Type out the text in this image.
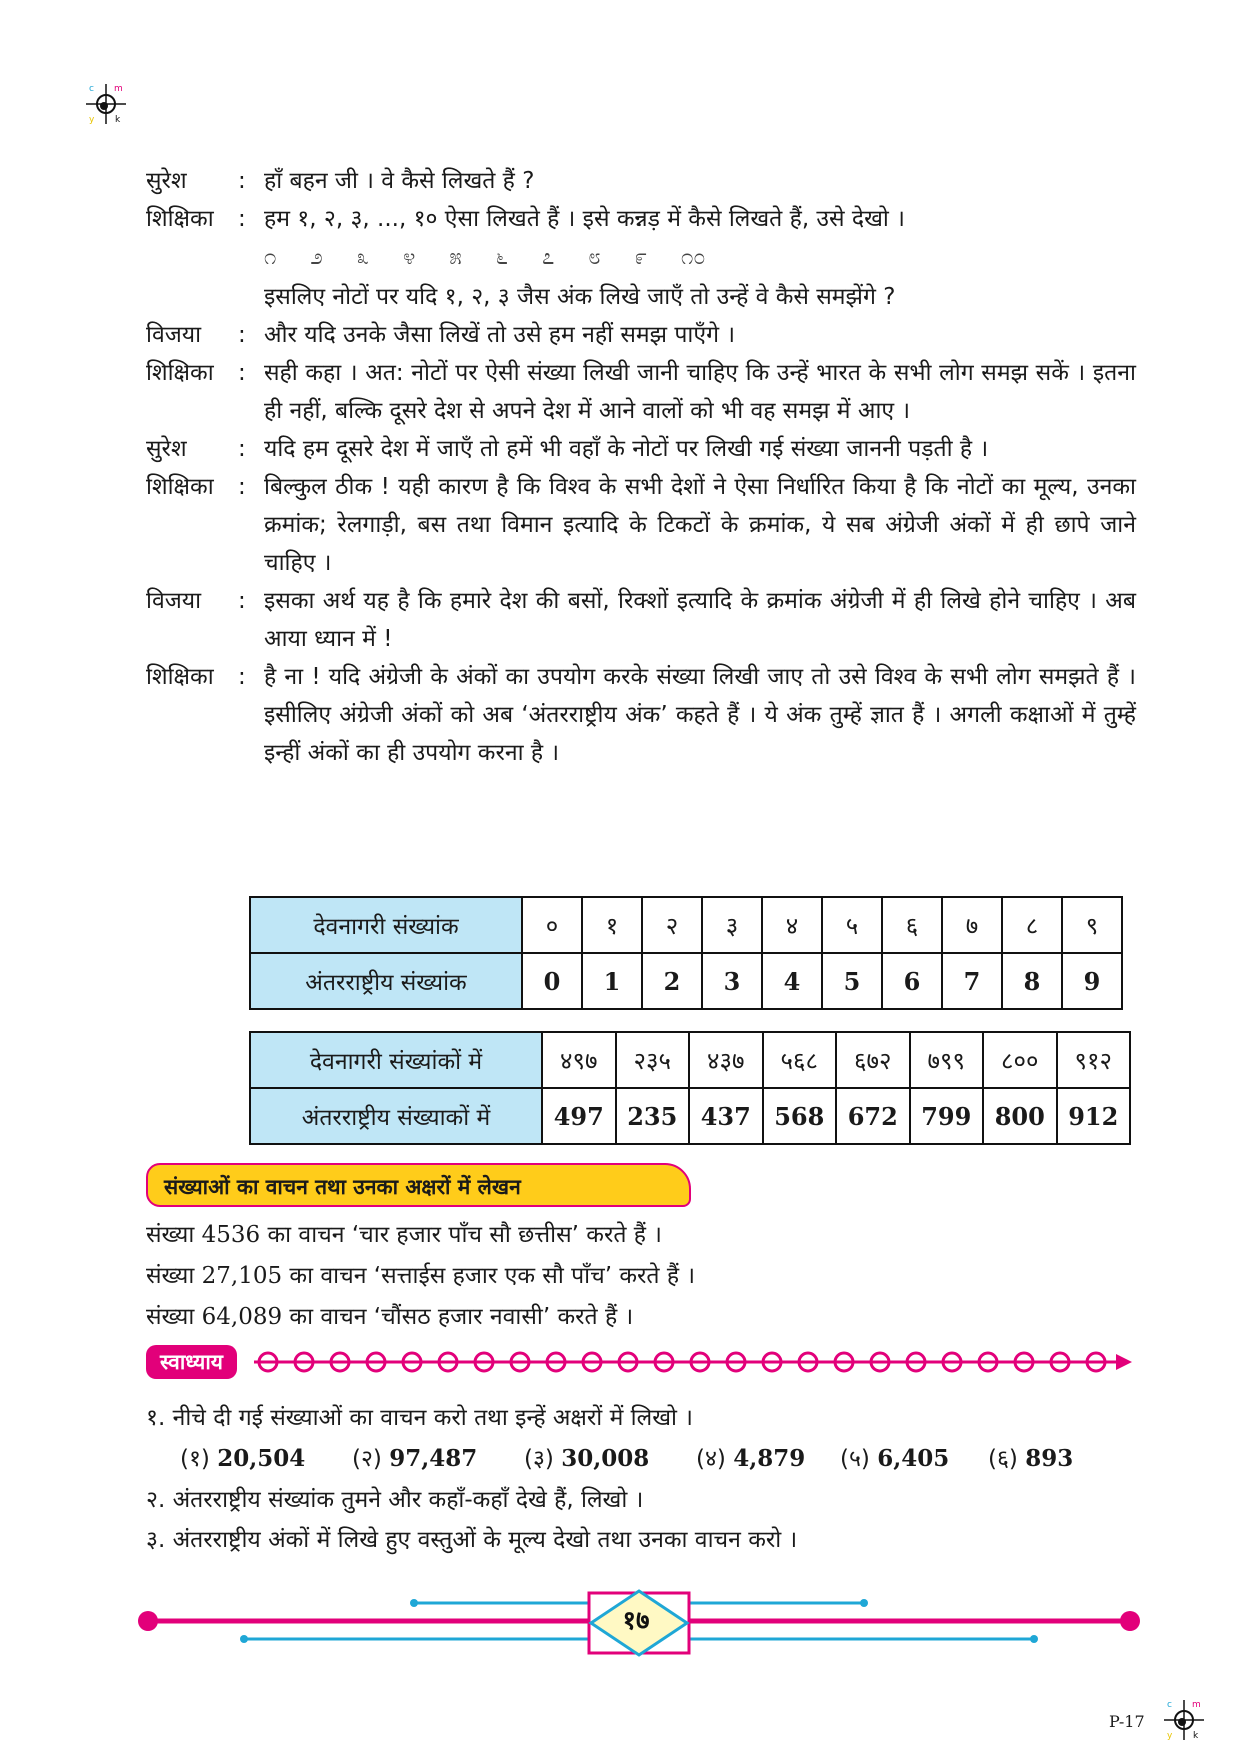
m
c
y k
m
c
y k
सुरेश	: हाँ बहन जी । वे कैसे लिखते हैं ?
शिक्षिका	: हम १, २, ३, ..., १० ऐसा लिखते हैं । इसे कन्नड़ में कैसे लिखते हैं, उसे देखो ।
೧ ೨ ೩ ೪ ೫ ೬ ೭ ೮ ೯ ೧೦
इसलिए नोटों पर यदि १, २, ३ जैस अंक लिखे जाएँ तो उन्हें वे कैसे समझेंगे ?
विजया	: और यदि उनके जैसा लिखें तो उसे हम नहीं समझ पाएँगे ।
शिक्षिका	: सही कहा । अत: नोटों पर ऐसी संख्या लिखी जानी चाहिए कि उन्हें भारत के सभी लोग समझ सकें । इतना ही नहीं, बल्कि दूसरे देश से अपने देश में आने वालों को भी वह समझ में आए ।
सुरेश	: यदि हम दूसरे देश में जाएँ तो हमें भी वहाँ के नोटों पर लिखी गई संख्या जाननी पड़ती है ।
शिक्षिका	: बिल्कुल ठीक ! यही कारण है कि विश्व के सभी देशों ने ऐसा निर्धारित किया है कि नोटों का मूल्य, उनका क्रमांक; रेलगाड़ी, बस तथा विमान इत्यादि के टिकटों के क्रमांक, ये सब अंग्रेजी अंकों में ही छापे जाने चाहिए ।
विजया	: इसका अर्थ यह है कि हमारे देश की बसों, रिक्शों इत्यादि के क्रमांक अंग्रेजी में ही लिखे होने चाहिए । अब आया ध्यान में !
शिक्षिका	: है ना ! यदि अंग्रेजी के अंकों का उपयोग करके संख्या लिखी जाए तो उसे विश्व के सभी लोग समझते हैं । इसीलिए अंग्रेजी अंकों को अब ‘अंतरराष्ट्रीय अंक’ कहते हैं । ये अंक तुम्हें ज्ञात हैं । अगली कक्षाओं में तुम्हें इन्हीं अंकों का ही उपयोग करना है ।
देवनागरी संख्यांक	०	१	२	३	४	५	६	७	८	९
अंतरराष्ट्रीय संख्यांक	0	1	2	3	4	5	6	7	8	9
देवनागरी संख्यांकों में	४९७	२३५	४३७	५६८	६७२	७९९	८००	९१२
अंतरराष्ट्रीय संख्याकों में	497	235	437	568	672	799	800	912
संख्याओं का वाचन तथा उनका अक्षरों में लेखन
संख्या 4536 का वाचन ‘चार हजार पाँच सौ छत्तीस’ करते हैं ।
संख्या 27,105 का वाचन ‘सत्ताईस हजार एक सौ पाँच’ करते हैं ।
संख्या 64,089 का वाचन ‘चौंसठ हजार नवासी’ करते हैं ।
स्वाध्याय
१. नीचे दी गई संख्याओं का वाचन करो तथा इन्हें अक्षरों में लिखो ।
(१) 20,504	(२) 97,487	(३) 30,008	(४) 4,879	(५) 6,405	(६) 893
२. अंतरराष्ट्रीय संख्यांक तुमने और कहाँ-कहाँ देखे हैं, लिखो ।
३. अंतरराष्ट्रीय अंकों में लिखे हुए वस्तुओं के मूल्य देखो तथा उनका वाचन करो ।
१७
P-17
